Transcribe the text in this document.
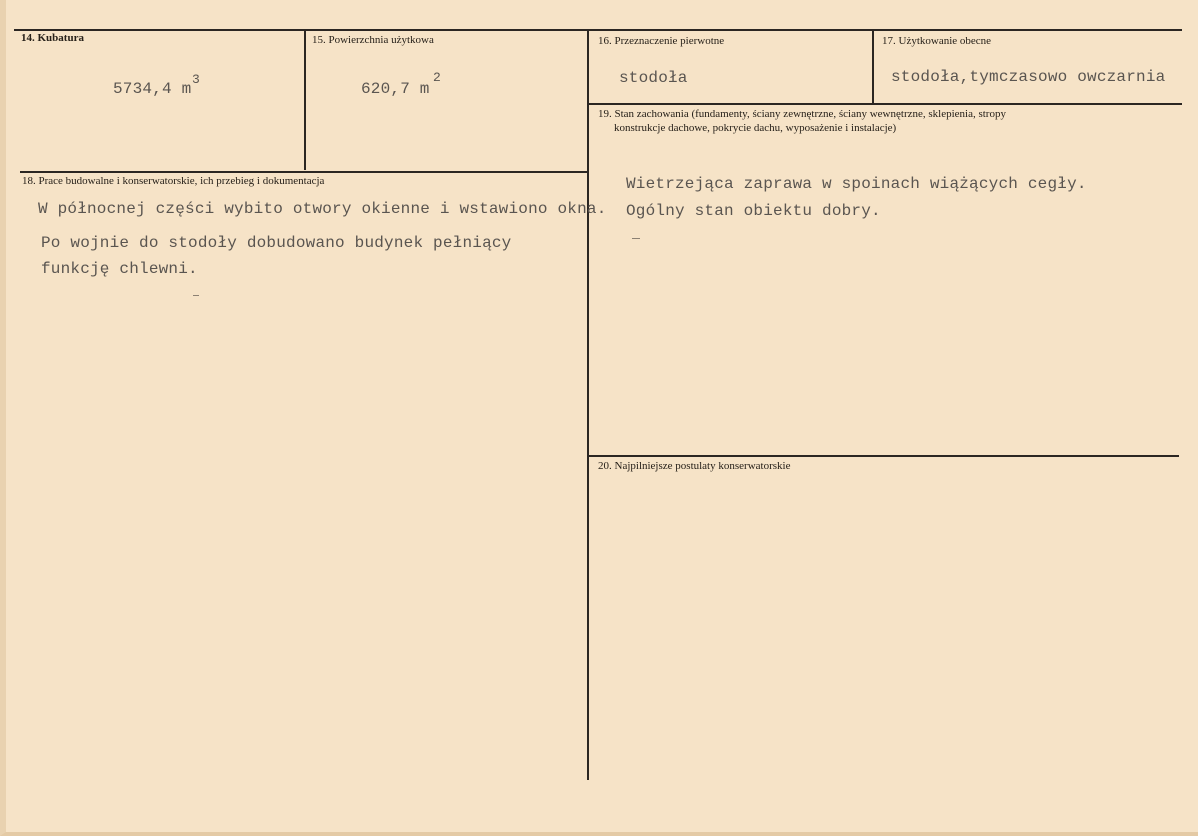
14. Kubatura
5734,4 m
3
15. Powierzchnia użytkowa
620,7 m
2
16. Przeznaczenie pierwotne
stodoła
17. Użytkowanie obecne
stodoła,tymczasowo owczarnia
18. Prace budowalne i konserwatorskie, ich przebieg i dokumentacja
W północnej części wybito otwory okienne i wstawiono okna.
Po wojnie do stodoły dobudowano budynek pełniący
funkcję chlewni.
19. Stan zachowania (fundamenty, ściany zewnętrzne, ściany wewnętrzne, sklepienia, stropy
konstrukcje dachowe, pokrycie dachu, wyposażenie i instalacje)
Wietrzejąca zaprawa w spoinach wiążących cegły.
Ogólny stan obiektu dobry.
20. Najpilniejsze postulaty konserwatorskie
